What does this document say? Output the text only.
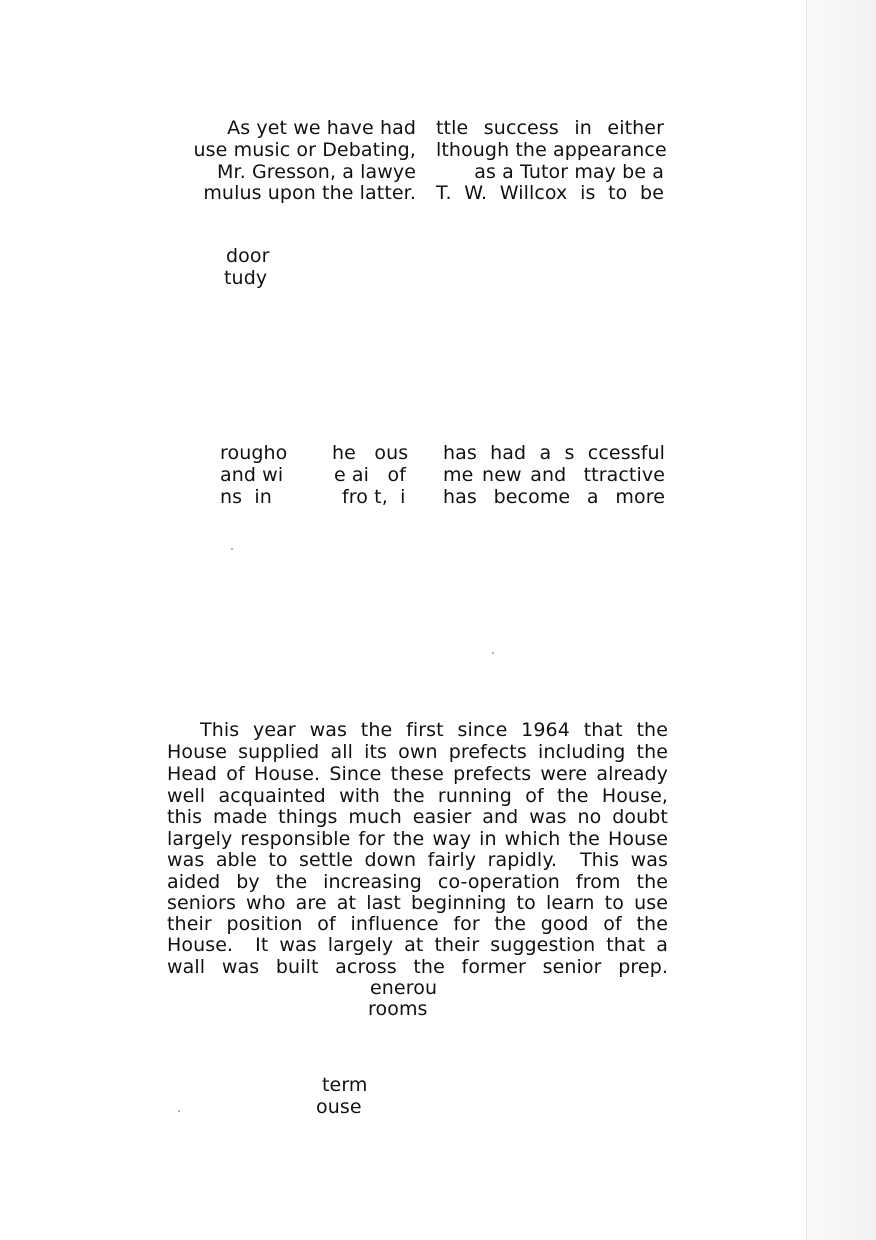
As yet we have had
use music or Debating,
Mr. Gresson, a lawye
mulus upon the latter.
ttle success in either
lthough the appearance
as a Tutor may be a
T. W. Willcox is to be
door
tudy
rougho
and wi
ns  in
he   ous
e ai   of
fro t,  i
has had a s ccessful
me new and  ttractive
has  become  a  more
This year was the first since 1964 that the
House supplied all its own prefects including the
Head of House. Since these prefects were already
well acquainted with the running of the House,
this made things much easier and was no doubt
largely responsible for the way in which the House
was able to settle down fairly rapidly.  This was
aided by the increasing co-operation from the
seniors who are at last beginning to learn to use
their position of influence for the good of the
House.  It was largely at their suggestion that a
wall was built across the former senior prep.
enerou
rooms
term
ouse
